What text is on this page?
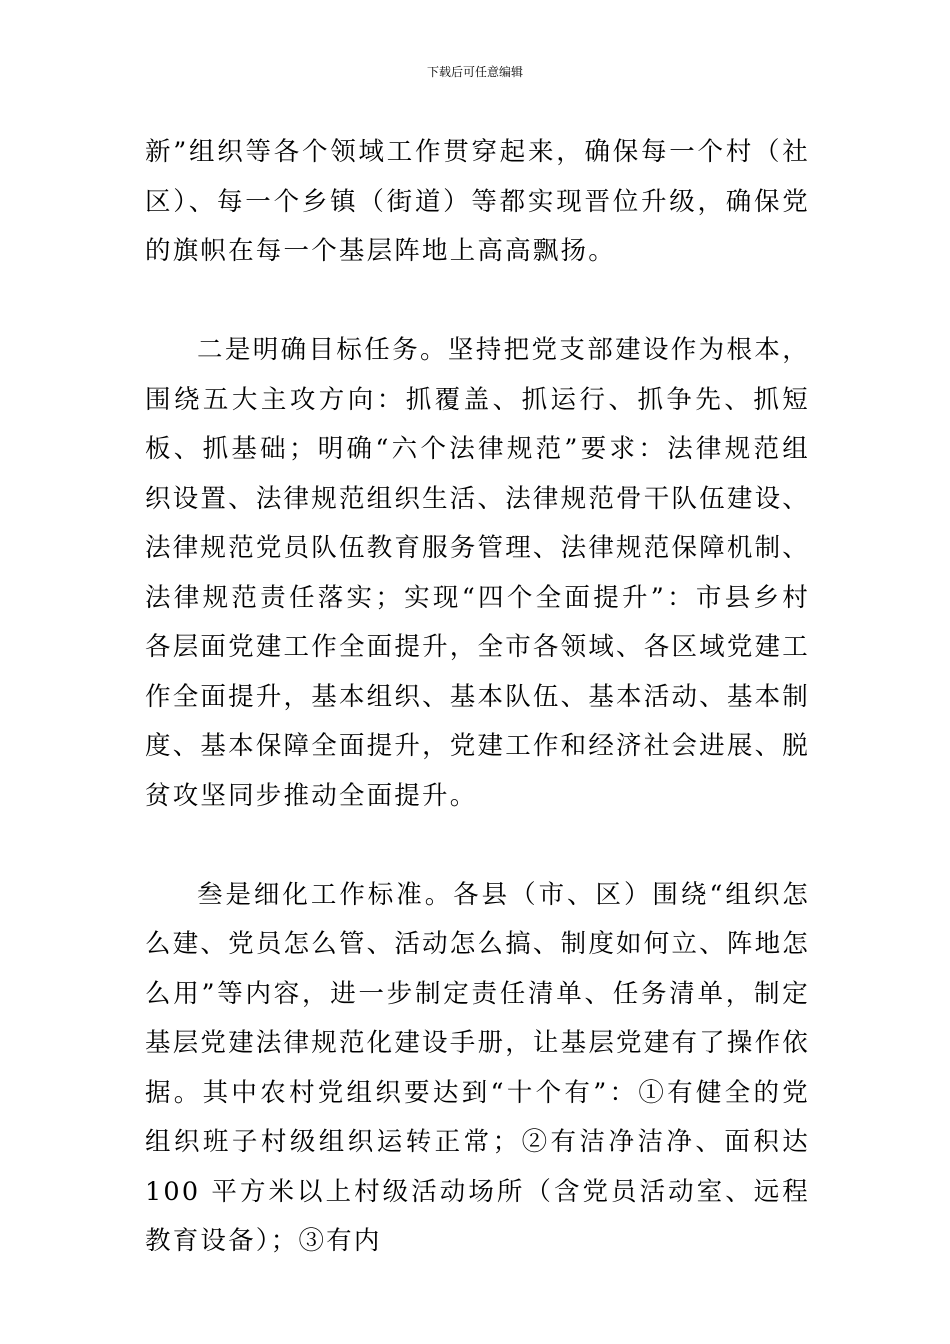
下载后可任意编辑

新”组织等各个领域工作贯穿起来，确保每一个村（社区）、每一个乡镇（街道）等都实现晋位升级，确保党的旗帜在每一个基层阵地上高高飘扬。

二是明确目标任务。坚持把党支部建设作为根本，围绕五大主攻方向：抓覆盖、抓运行、抓争先、抓短板、抓基础；明确“六个法律规范”要求：法律规范组织设置、法律规范组织生活、法律规范骨干队伍建设、法律规范党员队伍教育服务管理、法律规范保障机制、法律规范责任落实；实现“四个全面提升”：市县乡村各层面党建工作全面提升，全市各领域、各区域党建工作全面提升，基本组织、基本队伍、基本活动、基本制度、基本保障全面提升，党建工作和经济社会进展、脱贫攻坚同步推动全面提升。

叁是细化工作标准。各县（市、区）围绕“组织怎么建、党员怎么管、活动怎么搞、制度如何立、阵地怎么用”等内容，进一步制定责任清单、任务清单，制定基层党建法律规范化建设手册，让基层党建有了操作依据。其中农村党组织要达到“十个有”：①有健全的党组织班子村级组织运转正常；②有洁净洁净、面积达 100 平方米以上村级活动场所（含党员活动室、远程教育设备）；③有内
